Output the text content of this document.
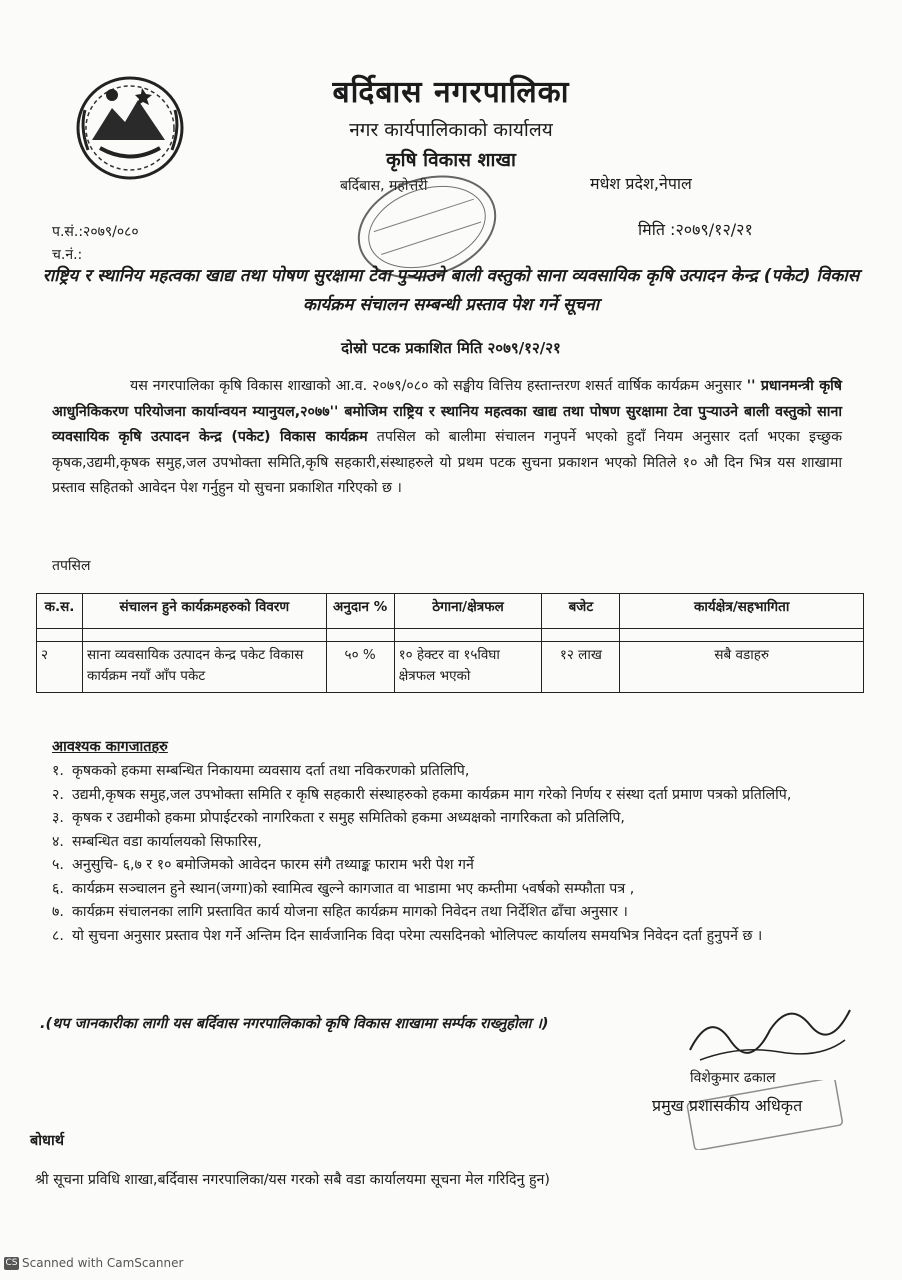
बर्दिबास नगरपालिका
नगर कार्यपालिकाको कार्यालय
कृषि विकास शाखा
बर्दिबास, महोत्तरी	मधेश प्रदेश,नेपाल
प.सं.:२०७९/०८०
च.नं.:
मिति :२०७९/१२/२१
राष्ट्रिय र स्थानिय महत्वका खाद्य तथा पोषण सुरक्षामा टेवा पुऱ्याउने बाली वस्तुको साना व्यवसायिक कृषि उत्पादन केन्द्र (पकेट) विकास कार्यक्रम संचालन सम्बन्धी प्रस्ताव पेश गर्ने सूचना
दोस्रो पटक प्रकाशित मिति २०७९/१२/२१
यस नगरपालिका कृषि विकास शाखाको आ.व. २०७९/०८० को सङ्घीय वित्तिय हस्तान्तरण शसर्त वार्षिक कार्यक्रम अनुसार '' प्रधानमन्त्री कृषि आधुनिकिकरण परियोजना कार्यान्वयन म्यानुयल,२०७७'' बमोजिम राष्ट्रिय र स्थानिय महत्वका खाद्य तथा पोषण सुरक्षामा टेवा पुऱ्याउने बाली वस्तुको साना व्यवसायिक कृषि उत्पादन केन्द्र (पकेट) विकास कार्यक्रम तपसिल को बालीमा संचालन गनुपर्ने भएको हुदाँ नियम अनुसार दर्ता भएका इच्छुक कृषक,उद्यमी,कृषक समुह,जल उपभोक्ता समिति,कृषि सहकारी,संस्थाहरुले यो प्रथम पटक सुचना प्रकाशन भएको मितिले १० औ दिन भित्र यस शाखामा प्रस्ताव सहितको आवेदन पेश गर्नुहुन यो सुचना प्रकाशित गरिएको छ ।
तपसिल
क.स.	संचालन हुने कार्यक्रमहरुको विवरण	अनुदान %	ठेगाना/क्षेत्रफल	बजेट	कार्यक्षेत्र/सहभागिता

२	साना व्यवसायिक उत्पादन केन्द्र पकेट विकास कार्यक्रम नयाँ आँप पकेट	५० %	१० हेक्टर वा १५विघा क्षेत्रफल भएको	१२ लाख	सबै वडाहरु
आवश्यक कागजातहरु
१. कृषकको हकमा सम्बन्धित निकायमा व्यवसाय दर्ता तथा नविकरणको प्रतिलिपि,
२. उद्यमी,कृषक समुह,जल उपभोक्ता समिति र कृषि सहकारी संस्थाहरुको हकमा कार्यक्रम माग गरेको निर्णय र संस्था दर्ता प्रमाण पत्रको प्रतिलिपि,
३. कृषक र उद्यमीको हकमा प्रोपाईटरको नागरिकता र समुह समितिको हकमा अध्यक्षको नागरिकता को प्रतिलिपि,
४. सम्बन्धित वडा कार्यालयको सिफारिस,
५. अनुसुचि- ६,७ र १० बमोजिमको आवेदन फारम संगै तथ्याङ्क फाराम भरी पेश गर्ने
६. कार्यक्रम सञ्चालन हुने स्थान(जग्गा)को स्वामित्व खुल्ने कागजात वा भाडामा भए कम्तीमा ५वर्षको सम्फौता पत्र ,
७. कार्यक्रम संचालनका लागि प्रस्तावित कार्य योजना सहित कार्यक्रम मागको निवेदन तथा निर्देशित ढाँचा अनुसार ।
८. यो सुचना अनुसार प्रस्ताव पेश गर्ने अन्तिम दिन सार्वजानिक विदा परेमा त्यसदिनको भोलिपल्ट कार्यालय समयभित्र निवेदन दर्ता हुनुपर्ने छ ।
.(थप जानकारीका लागी यस बर्दिवास नगरपालिकाको कृषि विकास शाखामा सर्म्पक राख्नुहोला ।)
विशेकुमार ढकाल
प्रमुख प्रशासकीय अधिकृत
बोधार्थ
श्री सूचना प्रविधि शाखा,बर्दिवास नगरपालिका/यस गरको सबै वडा कार्यालयमा सूचना मेल गरिदिनु हुन)
CS Scanned with CamScanner
